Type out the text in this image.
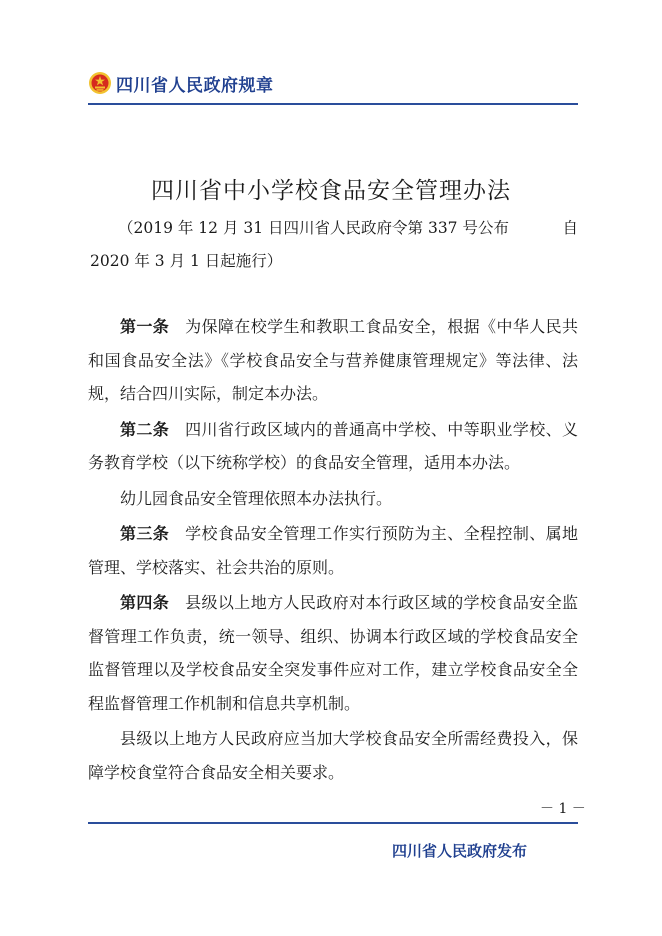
四川省人民政府规章
四川省中小学校食品安全管理办法
（2019 年 12 月 31 日四川省人民政府令第 337 号公布	自
2020 年 3 月 1 日起施行）

第一条 为保障在校学生和教职工食品安全，根据《中华人民共和国食品安全法》《学校食品安全与营养健康管理规定》等法律、法规，结合四川实际，制定本办法。

第二条 四川省行政区域内的普通高中学校、中等职业学校、义务教育学校（以下统称学校）的食品安全管理，适用本办法。

幼儿园食品安全管理依照本办法执行。

第三条 学校食品安全管理工作实行预防为主、全程控制、属地管理、学校落实、社会共治的原则。

第四条 县级以上地方人民政府对本行政区域的学校食品安全监督管理工作负责，统一领导、组织、协调本行政区域的学校食品安全监督管理以及学校食品安全突发事件应对工作，建立学校食品安全全程监督管理工作机制和信息共享机制。

县级以上地方人民政府应当加大学校食品安全所需经费投入，保障学校食堂符合食品安全相关要求。

－ 1 －
四川省人民政府发布
